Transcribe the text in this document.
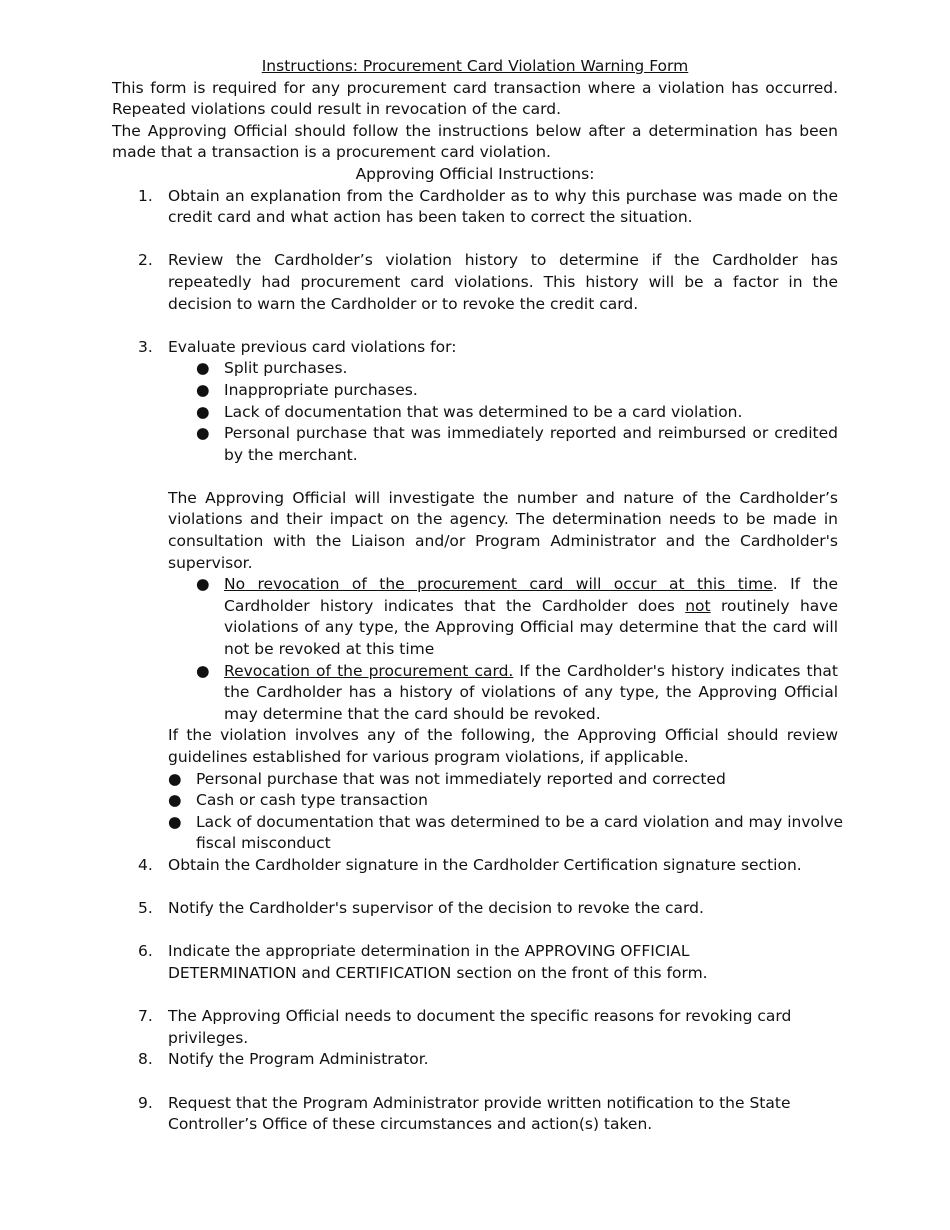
Instructions: Procurement Card Violation Warning Form

This form is required for any procurement card transaction where a violation has occurred. Repeated violations could result in revocation of the card.

The Approving Official should follow the instructions below after a determination has been made that a transaction is a procurement card violation.

Approving Official Instructions:

1. Obtain an explanation from the Cardholder as to why this purchase was made on the credit card and what action has been taken to correct the situation.

2. Review the Cardholder’s violation history to determine if the Cardholder has repeatedly had procurement card violations. This history will be a factor in the decision to warn the Cardholder or to revoke the credit card.

3. Evaluate previous card violations for:

● Split purchases.
● Inappropriate purchases.
● Lack of documentation that was determined to be a card violation.
● Personal purchase that was immediately reported and reimbursed or credited by the merchant.

The Approving Official will investigate the number and nature of the Cardholder’s violations and their impact on the agency. The determination needs to be made in consultation with the Liaison and/or Program Administrator and the Cardholder's supervisor.

● No revocation of the procurement card will occur at this time. If the Cardholder history indicates that the Cardholder does not routinely have violations of any type, the Approving Official may determine that the card will not be revoked at this time
● Revocation of the procurement card. If the Cardholder's history indicates that the Cardholder has a history of violations of any type, the Approving Official may determine that the card should be revoked.

If the violation involves any of the following, the Approving Official should review guidelines established for various program violations, if applicable.

● Personal purchase that was not immediately reported and corrected
● Cash or cash type transaction
● Lack of documentation that was determined to be a card violation and may involve fiscal misconduct
4. Obtain the Cardholder signature in the Cardholder Certification signature section.

5. Notify the Cardholder's supervisor of the decision to revoke the card.

6. Indicate the appropriate determination in the APPROVING OFFICIAL

DETERMINATION and CERTIFICATION section on the front of this form.

7. The Approving Official needs to document the specific reasons for revoking card

privileges.

8. Notify the Program Administrator.

9. Request that the Program Administrator provide written notification to the State

Controller’s Office of these circumstances and action(s) taken.
